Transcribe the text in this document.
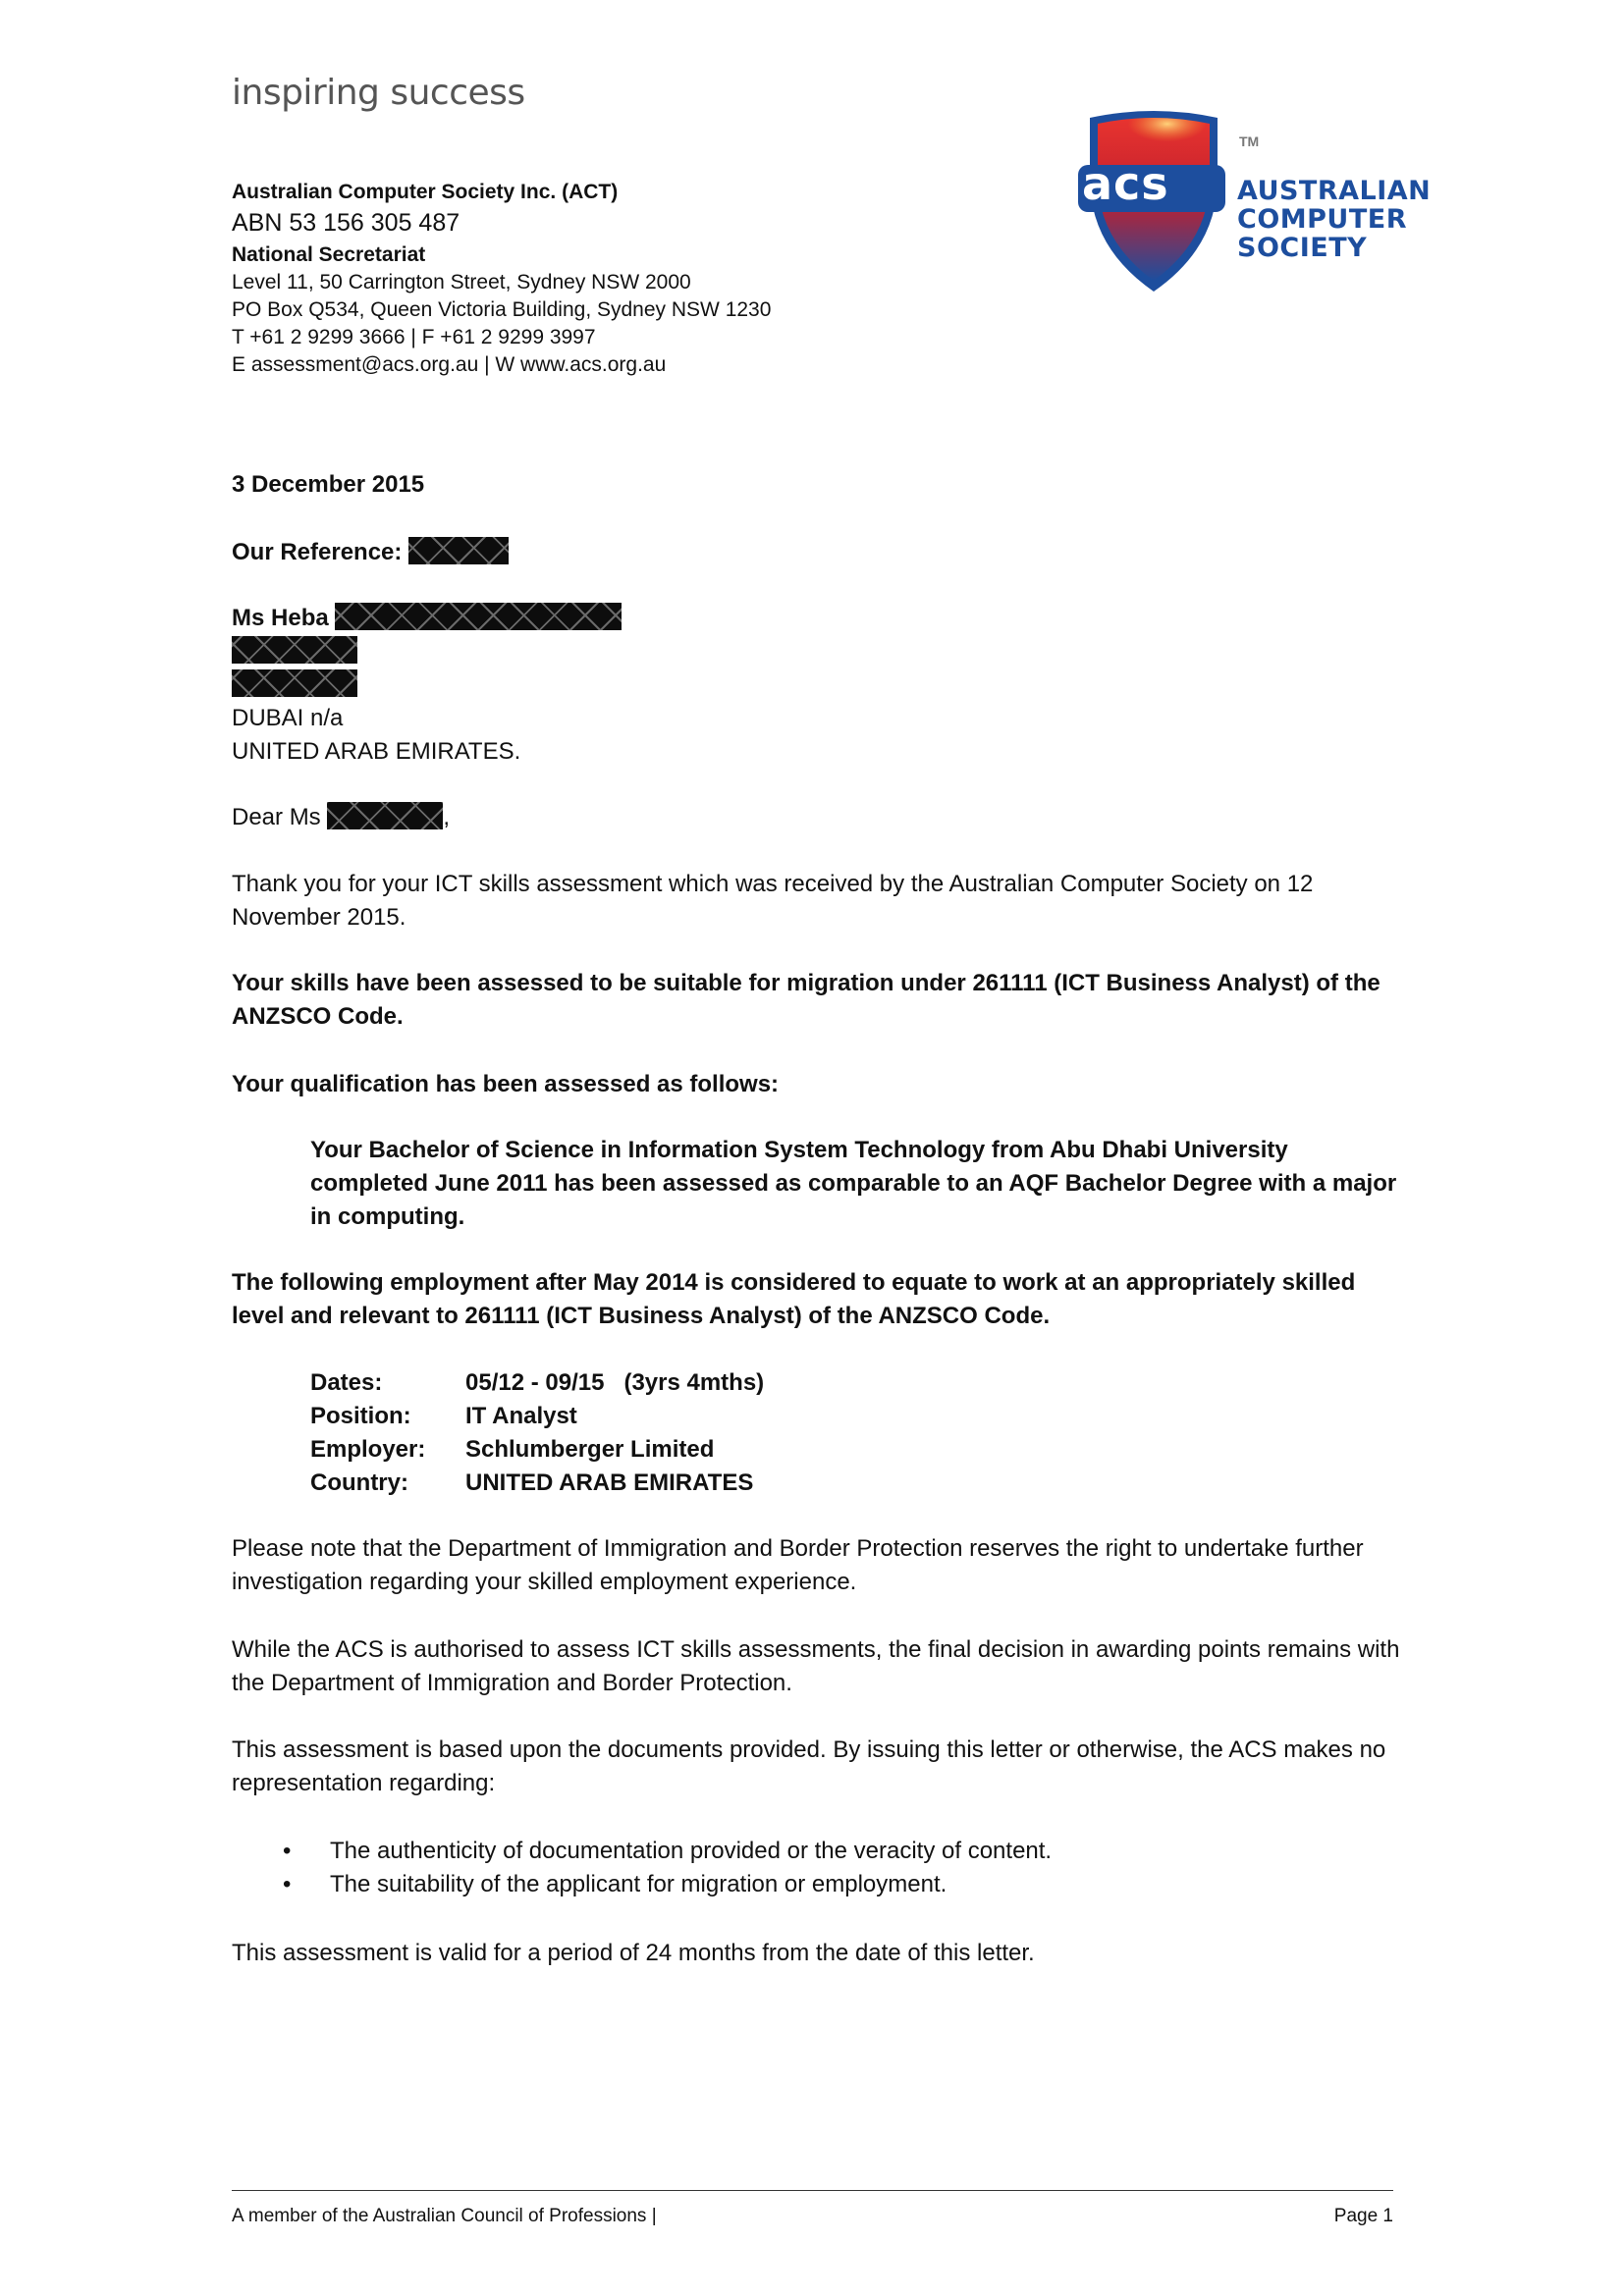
inspiring success
Australian Computer Society Inc. (ACT)
ABN 53 156 305 487
National Secretariat
Level 11, 50 Carrington Street, Sydney NSW 2000
PO Box Q534, Queen Victoria Building, Sydney NSW 1230
T +61 2 9299 3666 | F +61 2 9299 3997
E assessment@acs.org.au | W www.acs.org.au
acs
TM
AUSTRALIAN
COMPUTER
SOCIETY
3 December 2015
Our Reference:
Ms Heba
DUBAI n/a
UNITED ARAB EMIRATES.
Dear Ms	,
Thank you for your ICT skills assessment which was received by the Australian Computer Society on 12 November 2015.
Your skills have been assessed to be suitable for migration under 261111 (ICT Business Analyst) of the ANZSCO Code.
Your qualification has been assessed as follows:
Your Bachelor of Science in Information System Technology from Abu Dhabi University completed June 2011 has been assessed as comparable to an AQF Bachelor Degree with a major in computing.
The following employment after May 2014 is considered to equate to work at an appropriately skilled level and relevant to 261111 (ICT Business Analyst) of the ANZSCO Code.
Dates:	05/12 - 09/15   (3yrs 4mths)
Position:	IT Analyst
Employer:	Schlumberger Limited
Country:	UNITED ARAB EMIRATES
Please note that the Department of Immigration and Border Protection reserves the right to undertake further investigation regarding your skilled employment experience.
While the ACS is authorised to assess ICT skills assessments, the final decision in awarding points remains with the Department of Immigration and Border Protection.
This assessment is based upon the documents provided. By issuing this letter or otherwise, the ACS makes no representation regarding:
• The authenticity of documentation provided or the veracity of content.
• The suitability of the applicant for migration or employment.
This assessment is valid for a period of 24 months from the date of this letter.
A member of the Australian Council of Professions |	Page 1
